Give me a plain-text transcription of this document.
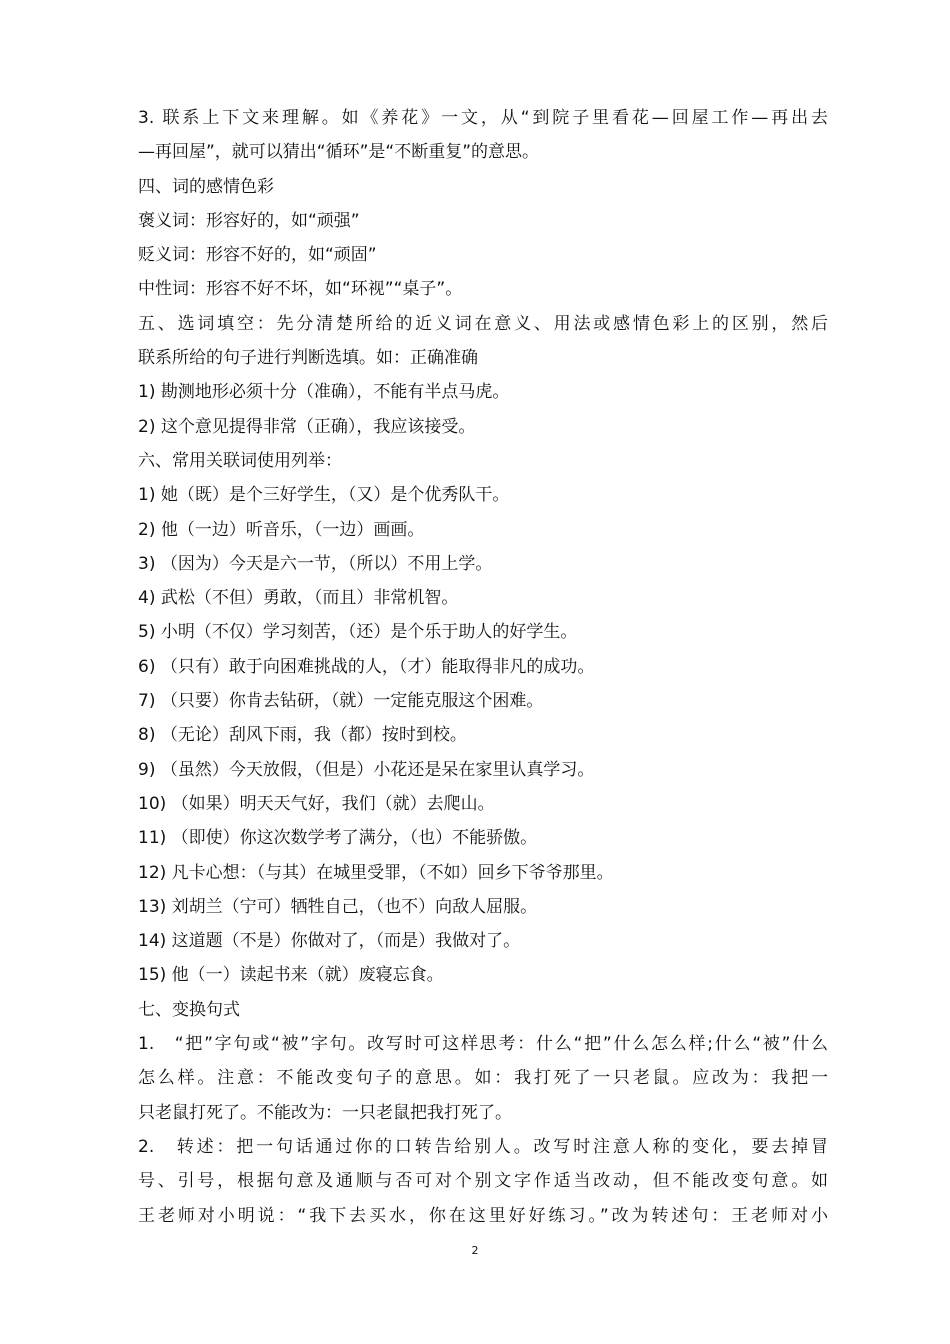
3. 联系上下文来理解。如《养花》一文，从“到院子里看花—回屋工作—再出去
—再回屋”，就可以猜出“循环”是“不断重复”的意思。
四、词的感情色彩
褒义词：形容好的，如“顽强”
贬义词：形容不好的，如“顽固”
中性词：形容不好不坏，如“环视”“桌子”。
五、选词填空：先分清楚所给的近义词在意义、用法或感情色彩上的区别，然后
联系所给的句子进行判断选填。如：正确准确
1) 勘测地形必须十分（准确），不能有半点马虎。
2) 这个意见提得非常（正确），我应该接受。
六、常用关联词使用列举：
1) 她（既）是个三好学生，（又）是个优秀队干。
2) 他（一边）听音乐，（一边）画画。
3) （因为）今天是六一节，（所以）不用上学。
4) 武松（不但）勇敢，（而且）非常机智。
5) 小明（不仅）学习刻苦，（还）是个乐于助人的好学生。
6) （只有）敢于向困难挑战的人，（才）能取得非凡的成功。
7) （只要）你肯去钻研，（就）一定能克服这个困难。
8) （无论）刮风下雨，我（都）按时到校。
9) （虽然）今天放假，（但是）小花还是呆在家里认真学习。
10) （如果）明天天气好，我们（就）去爬山。
11) （即使）你这次数学考了满分，（也）不能骄傲。
12) 凡卡心想：（与其）在城里受罪，（不如）回乡下爷爷那里。
13) 刘胡兰（宁可）牺牲自己，（也不）向敌人屈服。
14) 这道题（不是）你做对了，（而是）我做对了。
15) 他（一）读起书来（就）废寝忘食。
七、变换句式
1.　“把”字句或“被”字句。改写时可这样思考：什么“把”什么怎么样;什么“被”什么
怎么样。注意：不能改变句子的意思。如：我打死了一只老鼠。应改为：我把一
只老鼠打死了。不能改为：一只老鼠把我打死了。
2.　转述：把一句话通过你的口转告给别人。改写时注意人称的变化，要去掉冒
号、引号，根据句意及通顺与否可对个别文字作适当改动，但不能改变句意。如
王老师对小明说：“我下去买水，你在这里好好练习。”改为转述句：王老师对小
2
